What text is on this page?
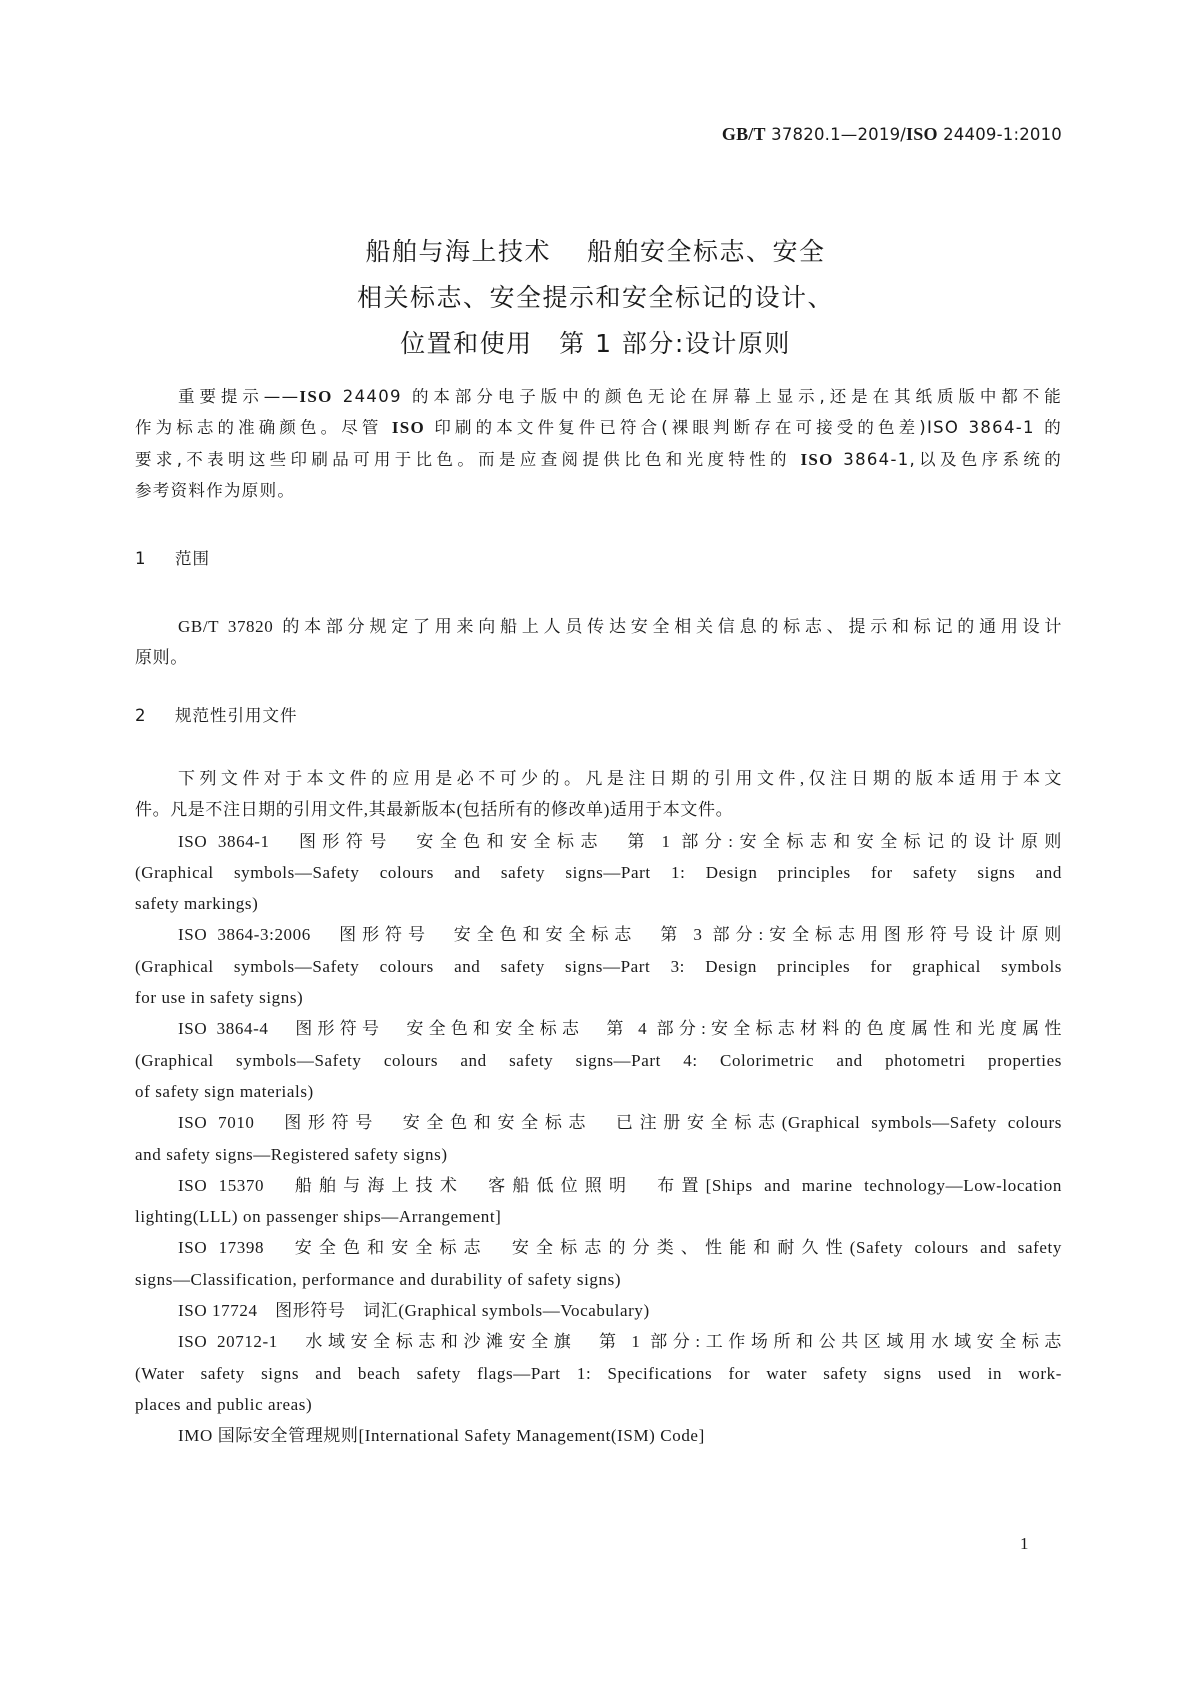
GB/T 37820.1—2019/ISO 24409-1:2010
船舶与海上技术　 船舶安全标志、安全
相关标志、安全提示和安全标记的设计、
位置和使用　第 1 部分:设计原则
重要提示——ISO 24409 的本部分电子版中的颜色无论在屏幕上显示,还是在其纸质版中都不能
作为标志的准确颜色。尽管 ISO 印刷的本文件复件已符合(裸眼判断存在可接受的色差)ISO 3864-1 的
要求,不表明这些印刷品可用于比色。而是应查阅提供比色和光度特性的 ISO 3864-1,以及色序系统的
参考资料作为原则。
1 范围
GB/T 37820 的本部分规定了用来向船上人员传达安全相关信息的标志、提示和标记的通用设计
原则。
2 规范性引用文件
下列文件对于本文件的应用是必不可少的。凡是注日期的引用文件,仅注日期的版本适用于本文
件。凡是不注日期的引用文件,其最新版本(包括所有的修改单)适用于本文件。
ISO 3864-1　图形符号　安全色和安全标志　第 1 部分:安全标志和安全标记的设计原则
(Graphical symbols—Safety colours and safety signs—Part 1: Design principles for safety signs and
safety markings)
ISO 3864-3:2006　图形符号　安全色和安全标志　第 3 部分:安全标志用图形符号设计原则
(Graphical symbols—Safety colours and safety signs—Part 3: Design principles for graphical symbols
for use in safety signs)
ISO 3864-4　图形符号　安全色和安全标志　第 4 部分:安全标志材料的色度属性和光度属性
(Graphical symbols—Safety colours and safety signs—Part 4: Colorimetric and photometri properties
of safety sign materials)
ISO 7010　图形符号　安全色和安全标志　已注册安全标志(Graphical symbols—Safety colours
and safety signs—Registered safety signs)
ISO 15370　船舶与海上技术　客船低位照明　布置[Ships and marine technology—Low-location
lighting(LLL) on passenger ships—Arrangement]
ISO 17398　安全色和安全标志　安全标志的分类、性能和耐久性(Safety colours and safety
signs—Classification, performance and durability of safety signs)
ISO 17724　图形符号　词汇(Graphical symbols—Vocabulary)
ISO 20712-1　水域安全标志和沙滩安全旗　第 1 部分:工作场所和公共区域用水域安全标志
(Water safety signs and beach safety flags—Part 1: Specifications for water safety signs used in work-
places and public areas)
IMO 国际安全管理规则[International Safety Management(ISM) Code]
1
